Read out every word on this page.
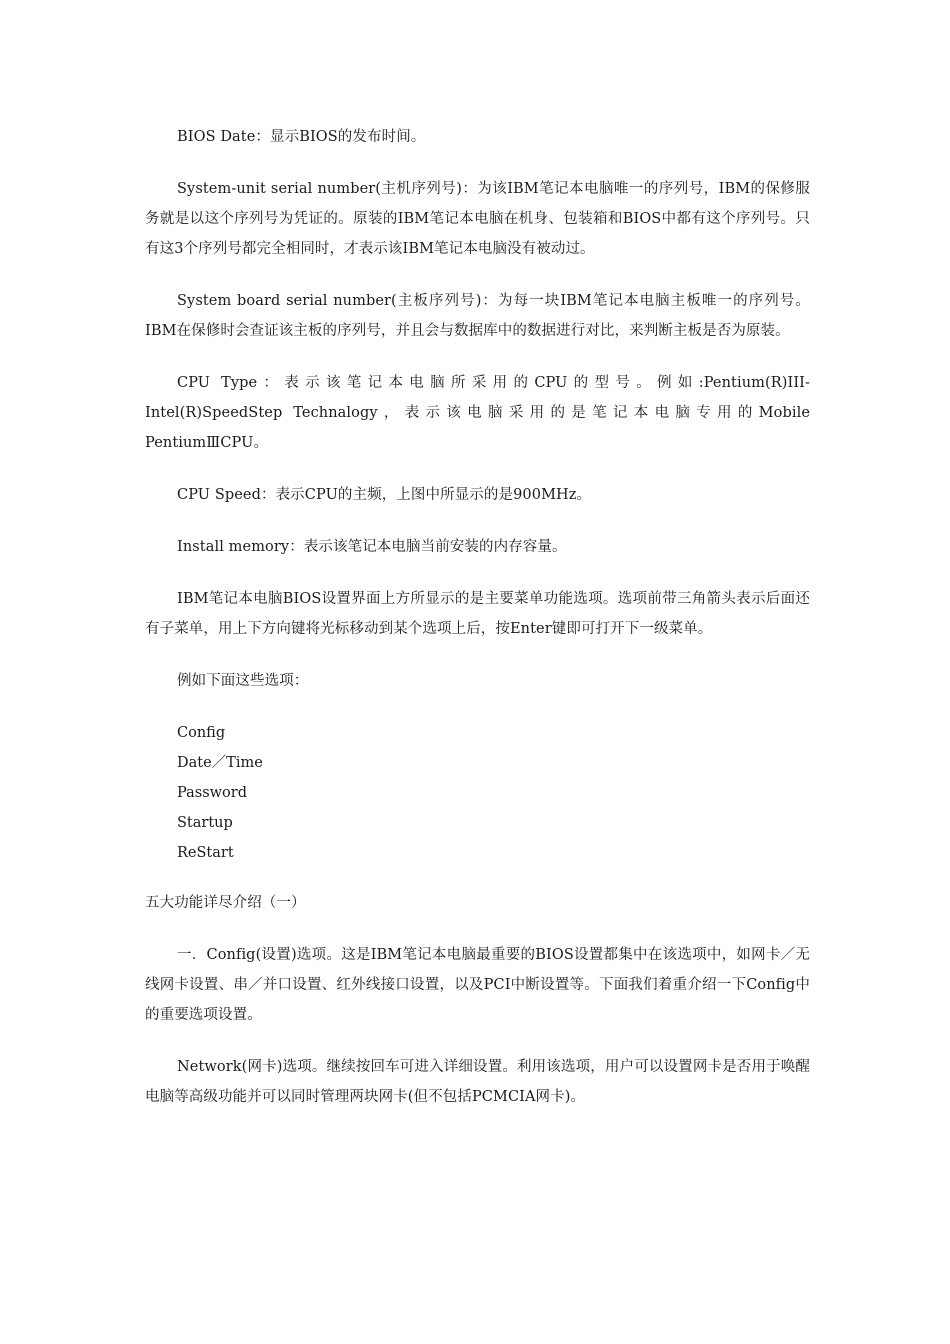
BIOS Date：显示BIOS的发布时间。

System-unit serial number(主机序列号)：为该IBM笔记本电脑唯一的序列号，IBM的保修服务就是以这个序列号为凭证的。原装的IBM笔记本电脑在机身、包装箱和BIOS中都有这个序列号。只有这3个序列号都完全相同时，才表示该IBM笔记本电脑没有被动过。

System board serial number(主板序列号)：为每一块IBM笔记本电脑主板唯一的序列号。IBM在保修时会查证该主板的序列号，并且会与数据库中的数据进行对比，来判断主板是否为原装。

CPU Type：表示该笔记本电脑所采用的CPU的型号。例如:Pentium(R)III-Intel(R)SpeedStep Technalogy，表示该电脑采用的是笔记本电脑专用的Mobile PentiumⅢCPU。

CPU Speed：表示CPU的主频，上图中所显示的是900MHz。

Install memory：表示该笔记本电脑当前安装的内存容量。

IBM笔记本电脑BIOS设置界面上方所显示的是主要菜单功能选项。选项前带三角箭头表示后面还有子菜单，用上下方向键将光标移动到某个选项上后，按Enter键即可打开下一级菜单。

例如下面这些选项：

Config
Date／Time
Password
Startup
ReStart

五大功能详尽介绍（一）

一．Config(设置)选项。这是IBM笔记本电脑最重要的BIOS设置都集中在该选项中，如网卡／无线网卡设置、串／并口设置、红外线接口设置，以及PCI中断设置等。下面我们着重介绍一下Config中的重要选项设置。

Network(网卡)选项。继续按回车可进入详细设置。利用该选项，用户可以设置网卡是否用于唤醒电脑等高级功能并可以同时管理两块网卡(但不包括PCMCIA网卡)。
